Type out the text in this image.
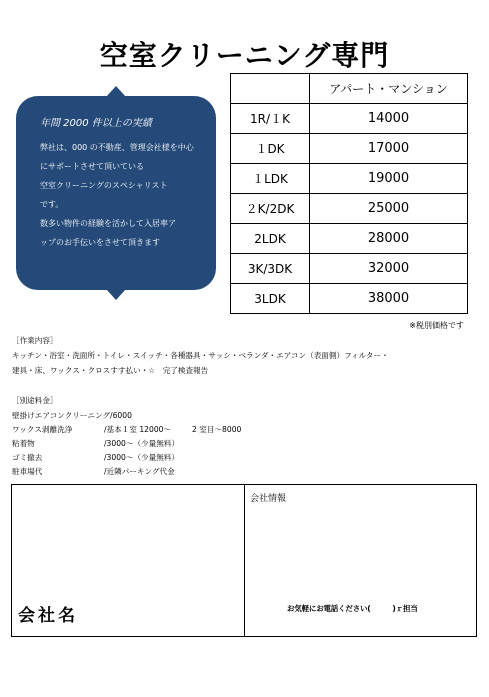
空室クリーニング専門
年間 2000 件以上の実績
弊社は、000 の不動産、管理会社様を中心
にサポートさせて頂いている
空室クリーニングのスペシャリスト
です。
数多い物件の経験を活かして入居率ア
ップのお手伝いをさせて頂きます
	アパート・マンション
1R/１K	14000
１DK	17000
１LDK	19000
２K/2DK	25000
2LDK	28000
3K/3DK	32000
3LDK	38000
※税別価格です
［作業内容］
キッチン・浴室・洗面所・トイレ・スイッチ・各種器具・サッシ・ベランダ・エアコン（表面側）フィルター・
建具・床、ワックス・クロスすす払い・☆　完了検査報告
［別途料金］
壁掛けエアコンクリーニング/6000
ワックス剥離洗浄	/基本１室 12000～	2 室目～8000
粘着物	/3000～（少量無料）
ゴミ撤去	/3000～（少量無料）
駐車場代	/近隣パーキング代金
会社名
会社情報
お気軽にお電話ください(　　　)ｒ担当
